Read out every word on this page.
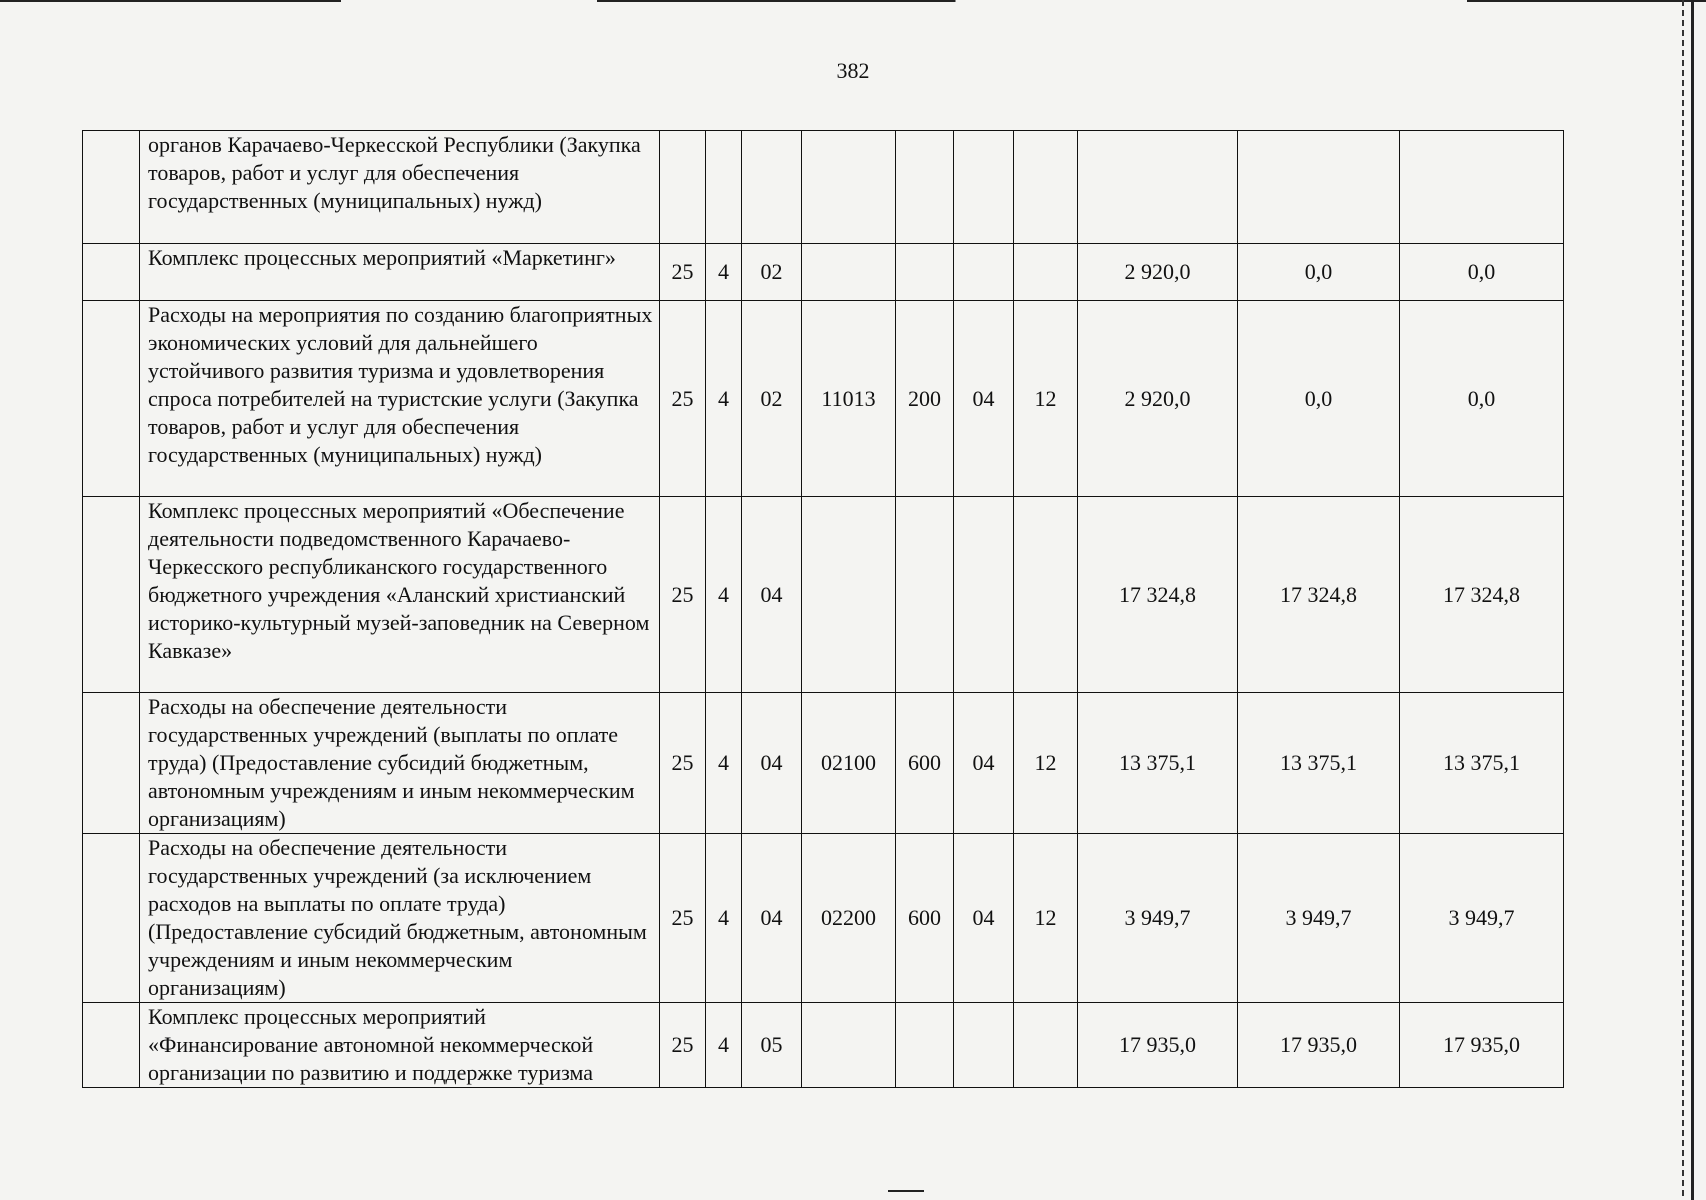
382
	органов Карачаево-Черкесской Республики (Закупка товаров, работ и услуг для обеспечения государственных (муниципальных) нужд)										
	Комплекс процессных мероприятий «Маркетинг»	25	4	02					2 920,0	0,0	0,0
	Расходы на мероприятия по созданию благоприятных экономических условий для дальнейшего устойчивого развития туризма и удовлетворения спроса потребителей на туристские услуги (Закупка товаров, работ и услуг для обеспечения государственных (муниципальных) нужд)	25	4	02	11013	200	04	12	2 920,0	0,0	0,0
	Комплекс процессных мероприятий «Обеспечение деятельности подведомственного Карачаево-Черкесского республиканского государственного бюджетного учреждения «Аланский христианский историко-культурный музей-заповедник на Северном Кавказе»	25	4	04					17 324,8	17 324,8	17 324,8
	Расходы на обеспечение деятельности государственных учреждений (выплаты по оплате труда) (Предоставление субсидий бюджетным, автономным учреждениям и иным некоммерческим организациям)	25	4	04	02100	600	04	12	13 375,1	13 375,1	13 375,1
	Расходы на обеспечение деятельности государственных учреждений (за исключением расходов на выплаты по оплате труда) (Предоставление субсидий бюджетным, автономным учреждениям и иным некоммерческим организациям)	25	4	04	02200	600	04	12	3 949,7	3 949,7	3 949,7
	Комплекс процессных мероприятий «Финансирование автономной некоммерческой организации по развитию и поддержке туризма	25	4	05					17 935,0	17 935,0	17 935,0
